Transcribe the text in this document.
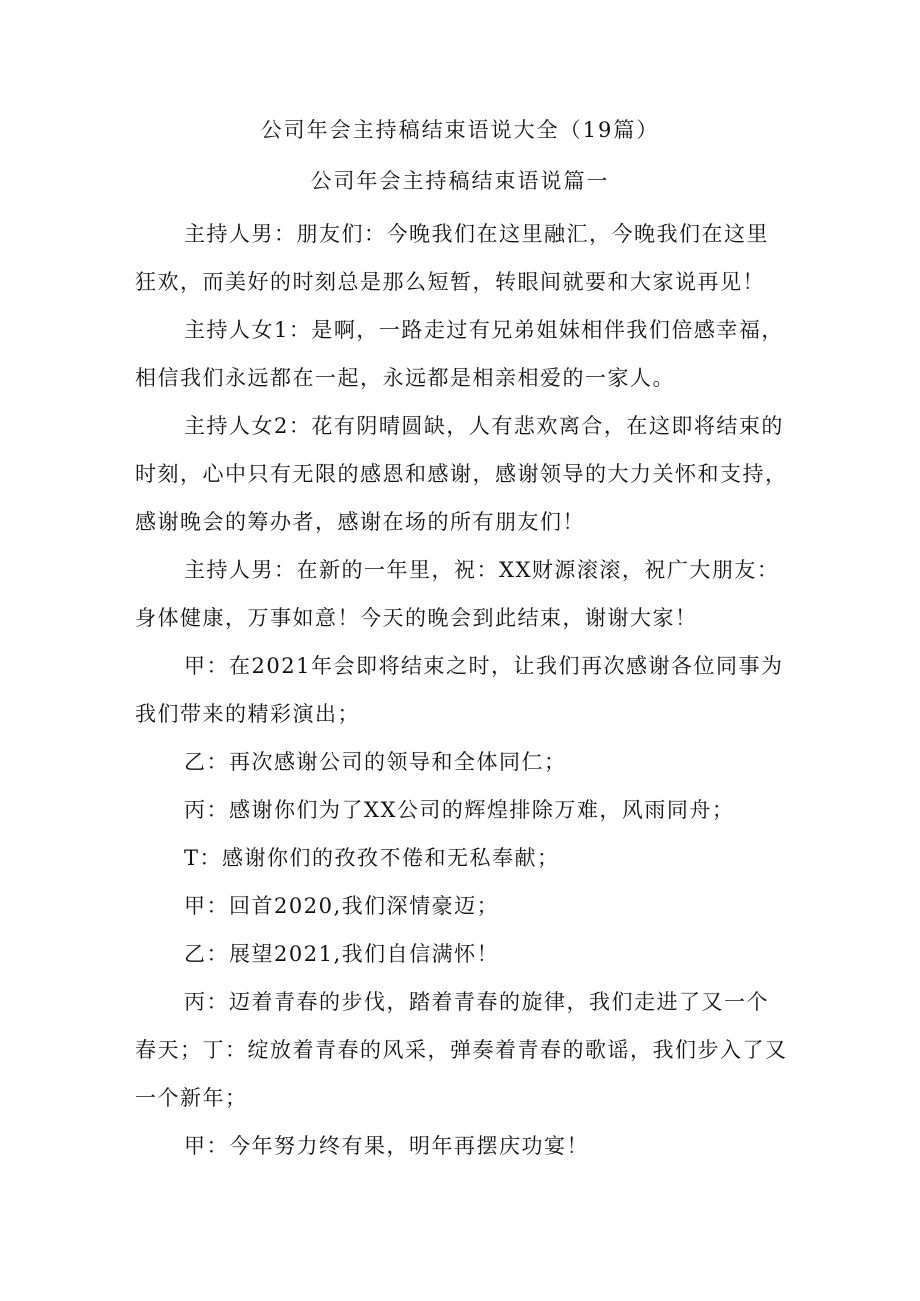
公司年会主持稿结束语说大全（19篇）
公司年会主持稿结束语说篇一

主持人男：朋友们：今晚我们在这里融汇，今晚我们在这里狂欢，而美好的时刻总是那么短暂，转眼间就要和大家说再见！

主持人女1：是啊，一路走过有兄弟姐妹相伴我们倍感幸福，相信我们永远都在一起，永远都是相亲相爱的一家人。

主持人女2：花有阴晴圆缺，人有悲欢离合，在这即将结束的时刻，心中只有无限的感恩和感谢，感谢领导的大力关怀和支持，感谢晚会的筹办者，感谢在场的所有朋友们！

主持人男：在新的一年里，祝：XX财源滚滚，祝广大朋友：身体健康，万事如意！今天的晚会到此结束，谢谢大家！

甲：在2021年会即将结束之时，让我们再次感谢各位同事为我们带来的精彩演出；

乙：再次感谢公司的领导和全体同仁；

丙：感谢你们为了XX公司的辉煌排除万难，风雨同舟；

T：感谢你们的孜孜不倦和无私奉献；

甲：回首2020,我们深情豪迈；

乙：展望2021,我们自信满怀！

丙：迈着青春的步伐，踏着青春的旋律，我们走进了又一个春天；丁：绽放着青春的风采，弹奏着青春的歌谣，我们步入了又一个新年；

甲：今年努力终有果，明年再摆庆功宴！
